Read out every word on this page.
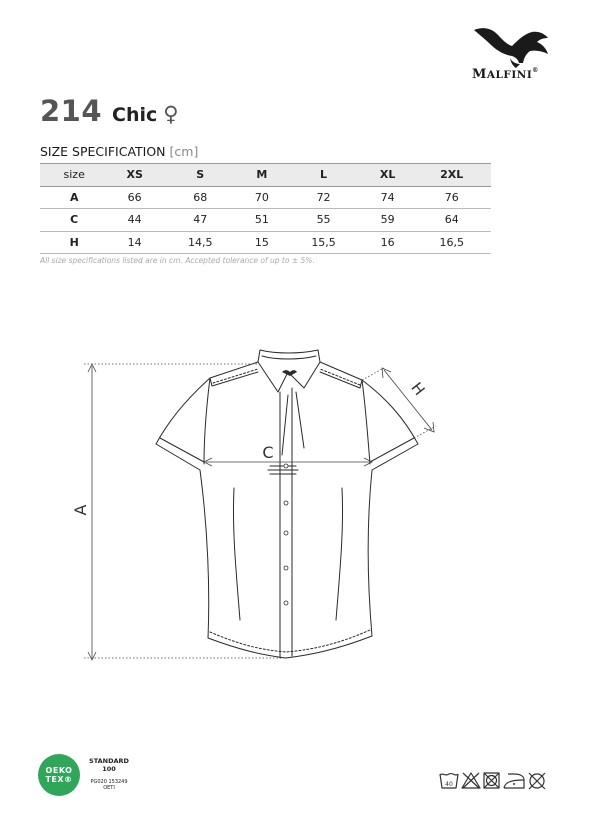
MALFINI®
214 Chic ♀
SIZE SPECIFICATION [cm]
size	XS	S	M	L	XL	2XL
A	66	68	70	72	74	76
C	44	47	51	55	59	64
H	14	14,5	15	15,5	16	16,5
All size specifications listed are in cm. Accepted tolerance of up to ± 5%.
A
C
H
OEKO
TEX®
STANDARD
100
PG020 153249
OETI	40
